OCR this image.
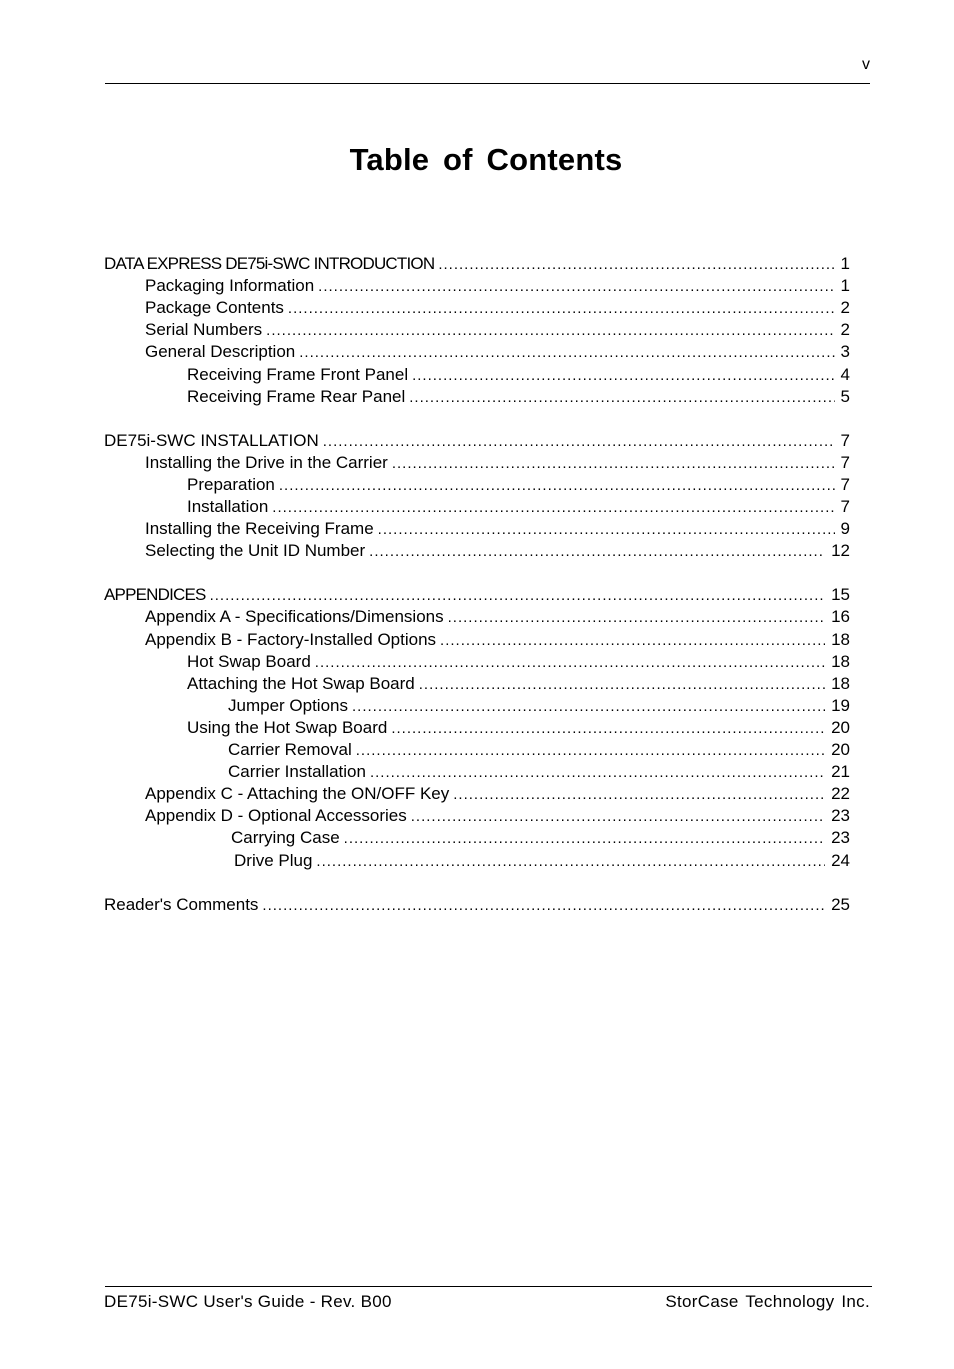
v
Table of Contents
DATA EXPRESS DE75i-SWC INTRODUCTION .....	1
Packaging Information .....	1
Package Contents .....	2
Serial Numbers .....	2
General Description .....	3
Receiving Frame Front Panel .....	4
Receiving Frame Rear Panel .....	5
DE75i-SWC INSTALLATION .....	7
Installing the Drive in the Carrier .....	7
Preparation .....	7
Installation .....	7
Installing the Receiving Frame .....	9
Selecting the Unit ID Number .....	12
APPENDICES .....	15
Appendix A - Specifications/Dimensions .....	16
Appendix B - Factory-Installed Options .....	18
Hot Swap Board .....	18
Attaching the Hot Swap Board .....	18
Jumper Options .....	19
Using the Hot Swap Board .....	20
Carrier Removal .....	20
Carrier Installation .....	21
Appendix C - Attaching the ON/OFF Key .....	22
Appendix D - Optional Accessories .....	23
Carrying Case .....	23
Drive Plug .....	24
Reader's Comments .....	25
DE75i-SWC User's Guide - Rev. B00	StorCase Technology Inc.
